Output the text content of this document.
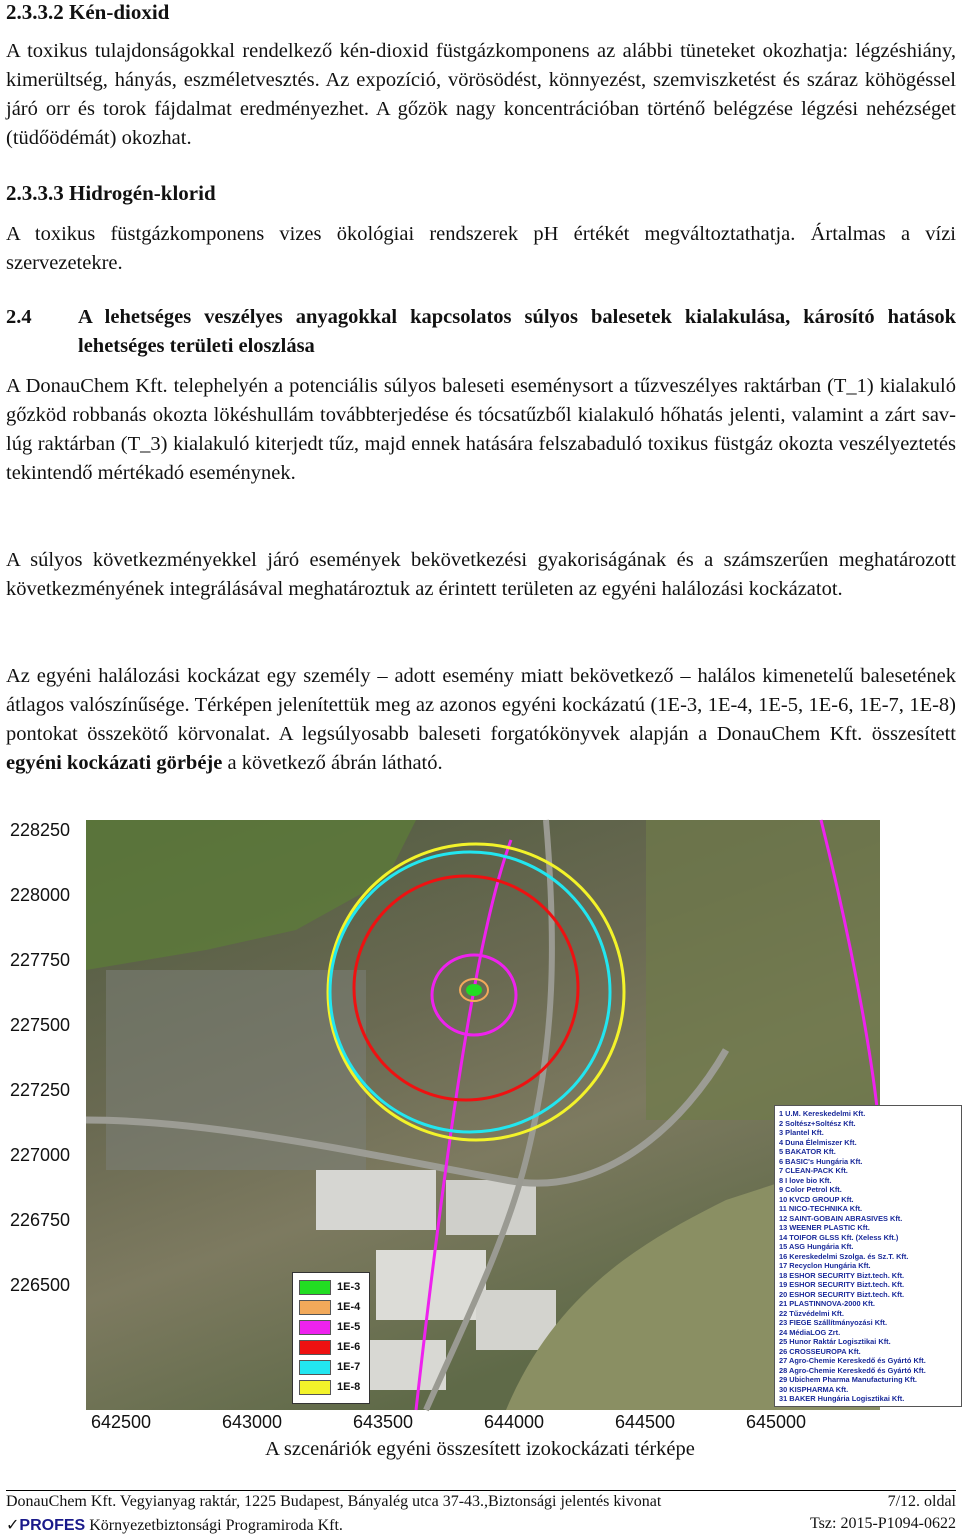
2.3.3.2 Kén-dioxid

A toxikus tulajdonságokkal rendelkező kén-dioxid füstgázkomponens az alábbi tüneteket okozhatja: légzéshiány, kimerültség, hányás, eszméletvesztés. Az expozíció, vörösödést, könnyezést, szemviszketést és száraz köhögéssel járó orr és torok fájdalmat eredményezhet. A gőzök nagy koncentrációban történő belégzése légzési nehézséget (tüdőödémát) okozhat.

2.3.3.3 Hidrogén-klorid

A toxikus füstgázkomponens vizes ökológiai rendszerek pH értékét megváltoztathatja. Ártalmas a vízi szervezetekre.

2.4	A lehetséges veszélyes anyagokkal kapcsolatos súlyos balesetek kialakulása, károsító hatások lehetséges területi eloszlása

A DonauChem Kft. telephelyén a potenciális súlyos baleseti eseménysort a tűzveszélyes raktárban (T_1) kialakuló gőzköd robbanás okozta lökéshullám továbbterjedése és tócsatűzből kialakuló hőhatás jelenti, valamint a zárt sav-lúg raktárban (T_3) kialakuló kiterjedt tűz, majd ennek hatására felszabaduló toxikus füstgáz okozta veszélyeztetés tekintendő mértékadó eseménynek.

A súlyos következményekkel járó események bekövetkezési gyakoriságának és a számszerűen meghatározott következményének integrálásával meghatároztuk az érintett területen az egyéni halálozási kockázatot.

Az egyéni halálozási kockázat egy személy – adott esemény miatt bekövetkező – halálos kimenetelű balesetének átlagos valószínűsége. Térképen jelenítettük meg az azonos egyéni kockázatú (1E-3, 1E-4, 1E-5, 1E-6, 1E-7, 1E-8) pontokat összekötő körvonalat. A legsúlyosabb baleseti forgatókönyvek alapján a DonauChem Kft. összesített egyéni kockázati görbéje a következő ábrán látható.

228250
228000
227750
227500
227250
227000
226750
226500	1E-3
1E-4
1E-5
1E-6
1E-7
1E-8
1 U.M. Kereskedelmi Kft.
2 Soltész+Soltész Kft.
3 Plantel Kft.
4 Duna Élelmiszer Kft.
5 BAKATOR Kft.
6 BASIC's Hungária Kft.
7 CLEAN-PACK Kft.
8 I love bio Kft.
9 Color Petrol Kft.
10 KVCD GROUP Kft.
11 NICO-TECHNIKA Kft.
12 SAINT-GOBAIN ABRASIVES Kft.
13 WEENER PLASTIC Kft.
14 TOIFOR GLSS Kft. (Xeless Kft.)
15 ASG Hungária Kft.
16 Kereskedelmi Szolga. és Sz.T. Kft.
17 Recyclon Hungária Kft.
18 ESHOR SECURITY Bizt.tech. Kft.
19 ESHOR SECURITY Bizt.tech. Kft.
20 ESHOR SECURITY Bizt.tech. Kft.
21 PLASTINNOVA-2000 Kft.
22 Tűzvédelmi Kft.
23 FIEGE Szállítmányozási Kft.
24 MédiaLOG Zrt.
25 Hunor Raktár Logisztikai Kft.
26 CROSSEUROPA Kft.
27 Agro-Chemie Kereskedő és Gyártó Kft.
28 Agro-Chemie Kereskedő és Gyártó Kft.
29 Ubichem Pharma Manufacturing Kft.
30 KISPHARMA Kft.
31 BAKER Hungária Logisztikai Kft.
642500	643000	643500	644000	644500	645000
A szcenáriók egyéni összesített izokockázati térképe
DonauChem Kft. Vegyianyag raktár, 1225 Budapest, Bányalég utca 37-43.,Biztonsági jelentés kivonat	7/12. oldal
✓PROFES Környezetbiztonsági Programiroda Kft.	Tsz: 2015-P1094-0622
